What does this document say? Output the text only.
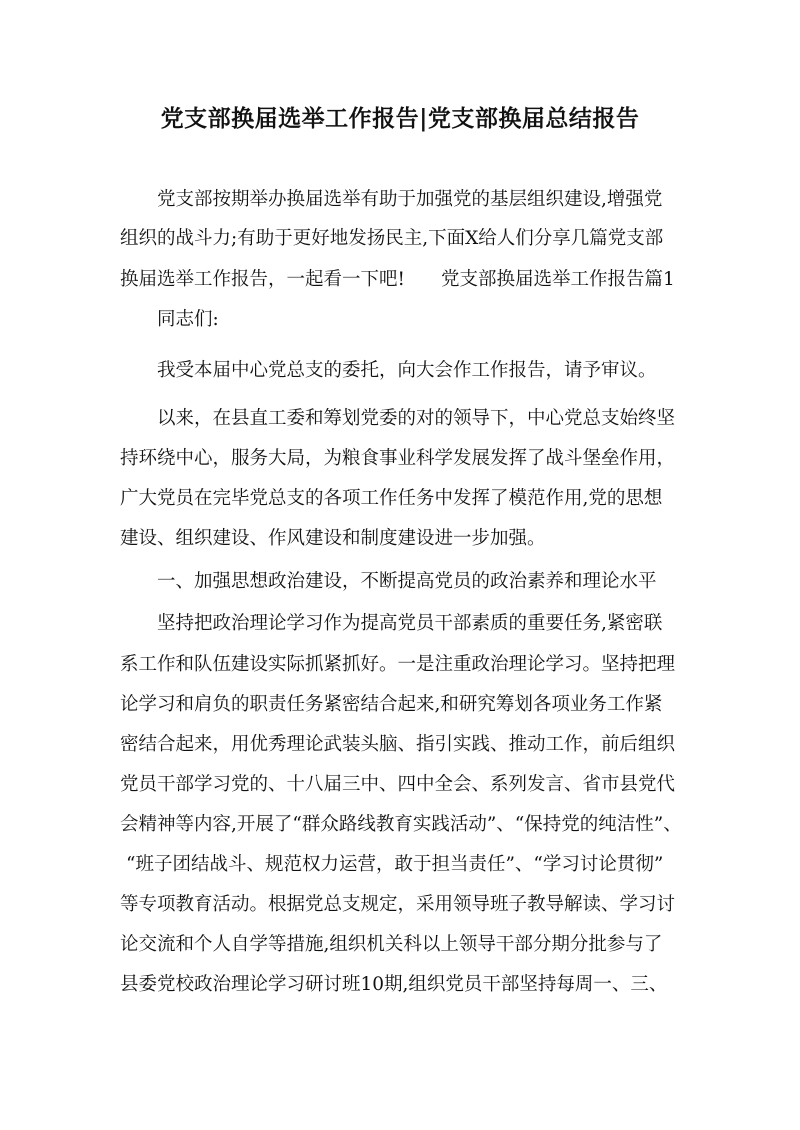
党支部换届选举工作报告|党支部换届总结报告

党支部按期举办换届选举有助于加强党的基层组织建设,增强党

组织的战斗力;有助于更好地发扬民主,下面X给人们分享几篇党支部

换届选举工作报告，一起看一下吧! 党支部换届选举工作报告篇1

同志们:

我受本届中心党总支的委托，向大会作工作报告，请予审议。

以来，在县直工委和筹划党委的对的领导下，中心党总支始终坚

持环绕中心，服务大局，为粮食事业科学发展发挥了战斗堡垒作用，

广大党员在完毕党总支的各项工作任务中发挥了模范作用,党的思想

建设、组织建设、作风建设和制度建设进一步加强。

一、加强思想政治建设，不断提高党员的政治素养和理论水平

坚持把政治理论学习作为提高党员干部素质的重要任务,紧密联

系工作和队伍建设实际抓紧抓好。一是注重政治理论学习。坚持把理

论学习和肩负的职责任务紧密结合起来,和研究筹划各项业务工作紧

密结合起来，用优秀理论武装头脑、指引实践、推动工作，前后组织

党员干部学习党的、十八届三中、四中全会、系列发言、省市县党代

会精神等内容,开展了“群众路线教育实践活动”、“保持党的纯洁性”、

“班子团结战斗、规范权力运营，敢于担当责任”、“学习讨论贯彻”

等专项教育活动。根据党总支规定，采用领导班子教导解读、学习讨

论交流和个人自学等措施,组织机关科以上领导干部分期分批参与了

县委党校政治理论学习研讨班10期,组织党员干部坚持每周一、三、
